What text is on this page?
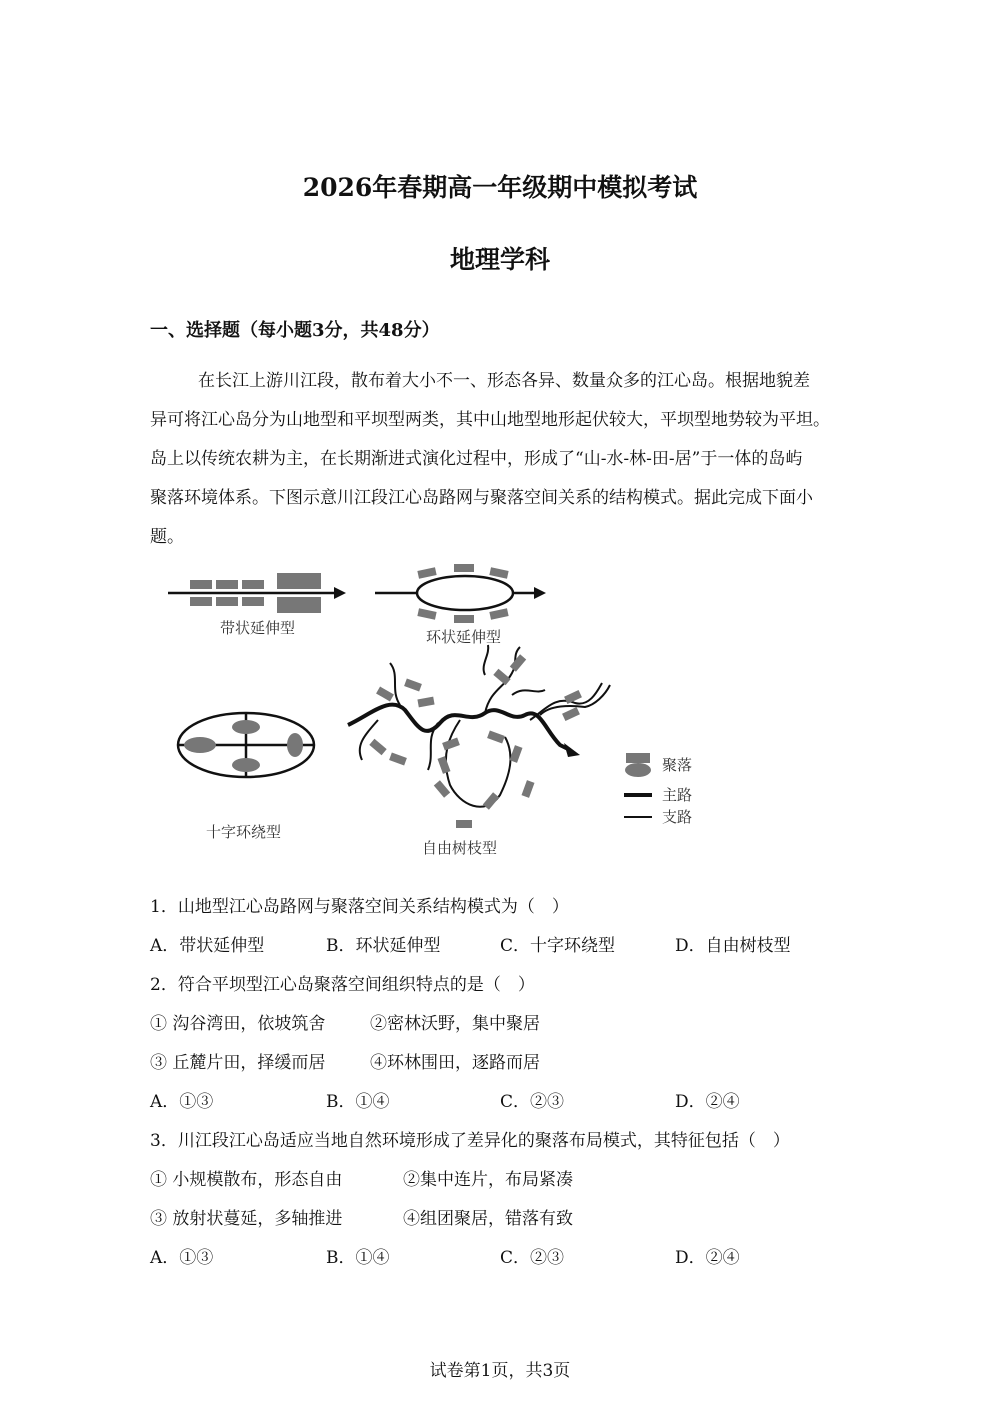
2026年春期高一年级期中模拟考试
地理学科
一、选择题（每小题3分，共48分）
在长江上游川江段，散布着大小不一、形态各异、数量众多的江心岛。根据地貌差
异可将江心岛分为山地型和平坝型两类，其中山地型地形起伏较大，平坝型地势较为平坦。
岛上以传统农耕为主，在长期渐进式演化过程中，形成了“山-水-林-田-居”于一体的岛屿
聚落环境体系。下图示意川江段江心岛路网与聚落空间关系的结构模式。据此完成下面小
题。
带状延伸型	环状延伸型
十字环绕型
自由树枝型
聚落
主路
支路
1．山地型江心岛路网与聚落空间关系结构模式为（　）
A．带状延伸型	B．环状延伸型	C．十字环绕型	D．自由树枝型
2．符合平坝型江心岛聚落空间组织特点的是（　）
① 沟谷湾田，依坡筑舍	②密林沃野，集中聚居
③ 丘麓片田，择缓而居	④环林围田，逐路而居
A．①③	B．①④	C．②③	D．②④
3．川江段江心岛适应当地自然环境形成了差异化的聚落布局模式，其特征包括（　）
① 小规模散布，形态自由	②集中连片，布局紧凑
③ 放射状蔓延，多轴推进	④组团聚居，错落有致
A．①③	B．①④	C．②③	D．②④
试卷第1页，共3页
